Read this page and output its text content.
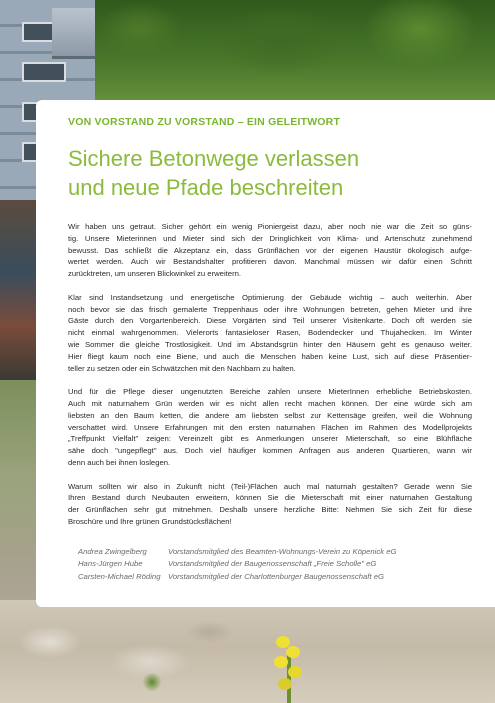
VON VORSTAND ZU VORSTAND – EIN GELEITWORT

Sichere Betonwege verlassen
und neue Pfade beschreiten

Wir haben uns getraut. Sicher gehört ein wenig Pioniergeist dazu, aber noch nie war die Zeit so güns-
tig. Unsere Mieterinnen und Mieter sind sich der Dringlichkeit von Klima- und Artenschutz zunehmend
bewusst. Das schließt die Akzeptanz ein, dass Grünflächen vor der eigenen Haustür ökologisch aufge-
wertet werden. Auch wir Bestandshalter profitieren davon. Manchmal müssen wir dafür einen Schritt
zurücktreten, um unseren Blickwinkel zu erweitern.

Klar sind Instandsetzung und energetische Optimierung der Gebäude wichtig – auch weiterhin. Aber
noch bevor sie das frisch gemalerte Treppenhaus oder ihre Wohnungen betreten, gehen Mieter und ihre
Gäste durch den Vorgartenbereich. Diese Vorgärten sind Teil unserer Visitenkarte. Doch oft werden sie
nicht einmal wahrgenommen. Vielerorts fantasieloser Rasen, Bodendecker und Thujahecken. Im Winter
wie Sommer die gleiche Trostlosigkeit. Und im Abstandsgrün hinter den Häusern geht es genauso weiter.
Hier fliegt kaum noch eine Biene, und auch die Menschen haben keine Lust, sich auf diese Präsentier-
teller zu setzen oder ein Schwätzchen mit den Nachbarn zu halten.

Und für die Pflege dieser ungenutzten Bereiche zahlen unsere MieterInnen erhebliche Betriebskosten.
Auch mit naturnahem Grün werden wir es nicht allen recht machen können. Der eine würde sich am
liebsten an den Baum ketten, die andere am liebsten selbst zur Kettensäge greifen, weil die Wohnung
verschattet wird. Unsere Erfahrungen mit den ersten naturnahen Flächen im Rahmen des Modellprojekts
„Treffpunkt Vielfalt" zeigen: Vereinzelt gibt es Anmerkungen unserer Mieterschaft, so eine Blühfläche
sähe doch "ungepflegt" aus. Doch viel häufiger kommen Anfragen aus anderen Quartieren, wann wir
denn auch bei ihnen loslegen.

Warum sollten wir also in Zukunft nicht (Teil-)Flächen auch mal naturnah gestalten? Gerade wenn Sie
Ihren Bestand durch Neubauten erweitern, können Sie die Mieterschaft mit einer naturnahen Gestaltung
der Grünflächen sehr gut mitnehmen. Deshalb unsere herzliche Bitte: Nehmen Sie sich Zeit für diese
Broschüre und Ihre grünen Grundstücksflächen!

Andrea Zwingelberg	Vorstandsmitglied des Beamten-Wohnungs-Verein zu Köpenick eG
Hans-Jürgen Hube	Vorstandsmitglied der Baugenossenschaft „Freie Scholle" eG
Carsten-Michael Röding Vorstandsmitglied der Charlottenburger Baugenossenschaft eG
